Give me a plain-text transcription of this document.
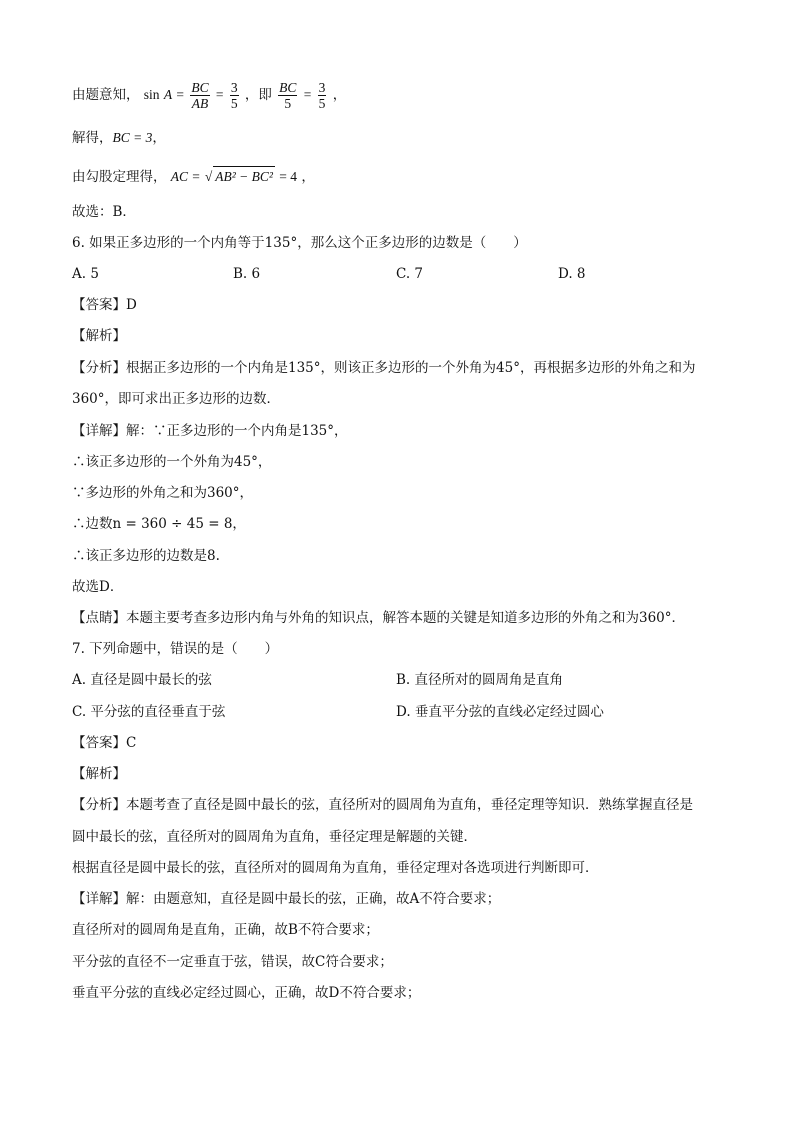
由题意知， $\sin A = \frac{BC}{AB} = \frac{3}{5}$ ，即 $\frac{BC}{5} = \frac{3}{5}$ ，
解得，BC = 3，
由勾股定理得， AC = √ AB² − BC² = 4 ，
故选：B．
6. 如果正多边形的一个内角等于135°，那么这个正多边形的边数是（　　）
A. 5	B. 6	C. 7	D. 8
【答案】D
【解析】
【分析】根据正多边形的一个内角是135°，则该正多边形的一个外角为45°，再根据多边形的外角之和为
360°，即可求出正多边形的边数．
【详解】解：∵正多边形的一个内角是135°，
∴该正多边形的一个外角为45°，
∵多边形的外角之和为360°，
∴边数n = 360 ÷ 45 = 8，
∴该正多边形的边数是8.
故选D．
【点睛】本题主要考查多边形内角与外角的知识点，解答本题的关键是知道多边形的外角之和为360°．
7. 下列命题中，错误的是（　　）
A. 直径是圆中最长的弦	B. 直径所对的圆周角是直角
C. 平分弦的直径垂直于弦	D. 垂直平分弦的直线必定经过圆心
【答案】C
【解析】
【分析】本题考查了直径是圆中最长的弦，直径所对的圆周角为直角，垂径定理等知识．熟练掌握直径是
圆中最长的弦，直径所对的圆周角为直角，垂径定理是解题的关键．
根据直径是圆中最长的弦，直径所对的圆周角为直角，垂径定理对各选项进行判断即可．
【详解】解：由题意知，直径是圆中最长的弦，正确，故A不符合要求；
直径所对的圆周角是直角，正确，故B不符合要求；
平分弦的直径不一定垂直于弦，错误，故C符合要求；
垂直平分弦的直线必定经过圆心，正确，故D不符合要求；
